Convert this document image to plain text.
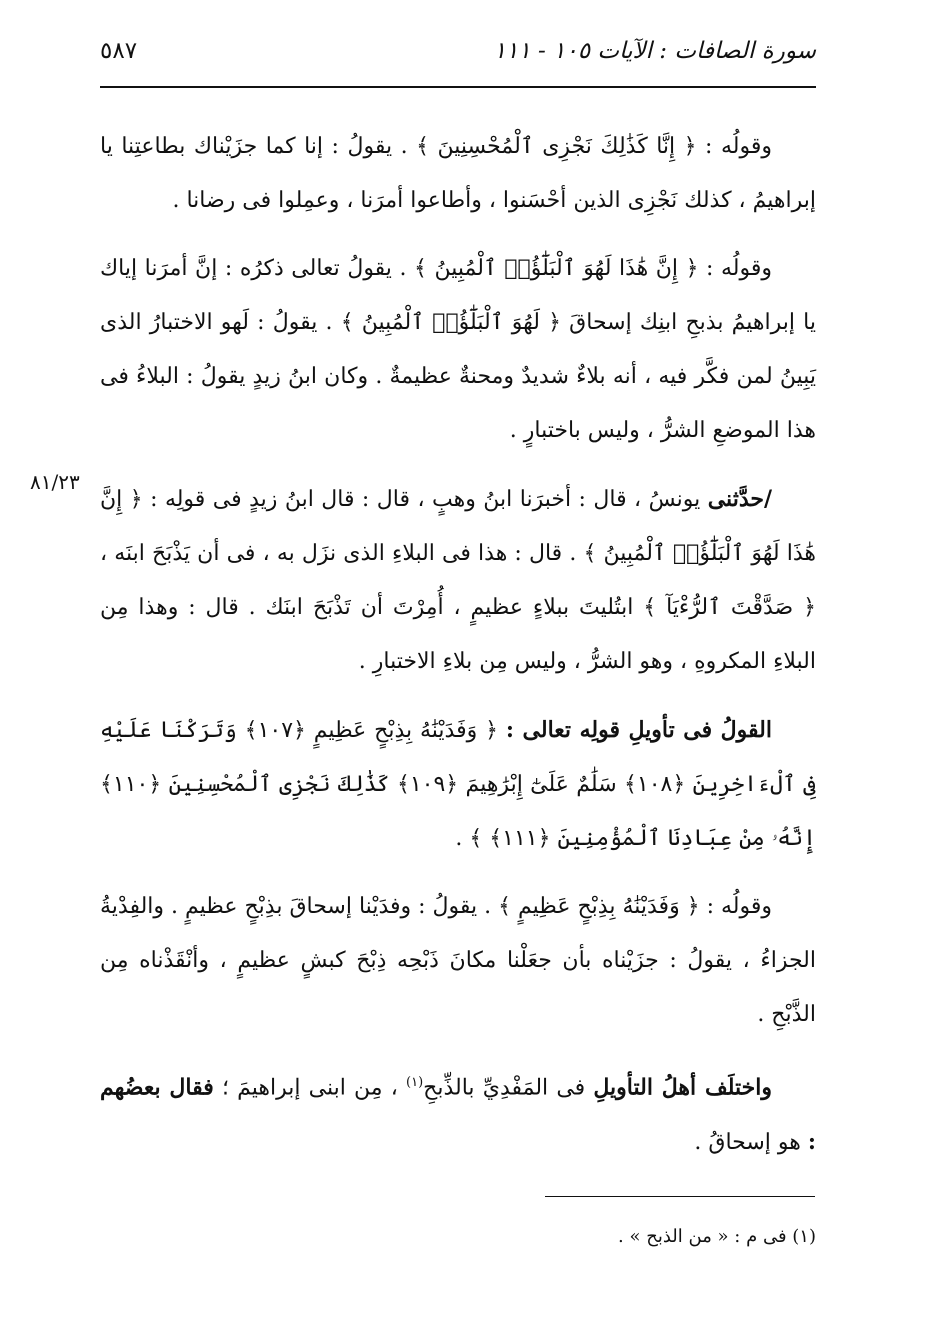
سورة الصافات : الآيات ١٠٥ - ١١١
٥٨٧
٨١/٢٣

وقولُه : ﴿ إِنَّا كَذَٰلِكَ نَجْزِى ٱلْمُحْسِنِينَ ﴾ . يقولُ : إنا كما جزَيْناك بطاعتِنا يا إبراهيمُ ، كذلك نَجْزِى الذين أحْسَنوا ، وأطاعوا أمرَنا ، وعمِلوا فى رضانا .

وقولُه : ﴿ إِنَّ هَٰذَا لَهُوَ ٱلْبَلَٰٓؤُا۟ ٱلْمُبِينُ ﴾ . يقولُ تعالى ذكرُه : إنَّ أمرَنا إياك يا إبراهيمُ بذبحِ ابنِك إسحاقَ ﴿ لَهُوَ ٱلْبَلَٰٓؤُا۟ ٱلْمُبِينُ ﴾ . يقولُ : لَهو الاختبارُ الذى يَبِينُ لمن فكَّر فيه ، أنه بلاءٌ شديدٌ ومحنةٌ عظيمةٌ . وكان ابنُ زيدٍ يقولُ : البلاءُ فى هذا الموضعِ الشرُّ ، وليس باختبارٍ .

/حدَّثنى يونسُ ، قال : أخبرَنا ابنُ وهبٍ ، قال : قال ابنُ زيدٍ فى قولِه : ﴿ إِنَّ هَٰذَا لَهُوَ ٱلْبَلَٰٓؤُا۟ ٱلْمُبِينُ ﴾ . قال : هذا فى البلاءِ الذى نزَل به ، فى أن يَذْبَحَ ابنَه ، ﴿ صَدَّقْتَ ٱلرُّءْيَآ ﴾ ابتُليتَ ببلاءٍ عظيمٍ ، أُمِرْتَ أن تَذْبَحَ ابنَك . قال : وهذا مِن البلاءِ المكروهِ ، وهو الشرُّ ، وليس مِن بلاءِ الاختبارِ .

القولُ فى تأويلِ قولِه تعالى : ﴿ وَفَدَيْنَٰهُ بِذِبْحٍ عَظِيمٍ ﴿١٠٧﴾ وَتَرَكْنَا عَلَيْهِ فِى ٱلْءَاخِرِينَ ﴿١٠٨﴾ سَلَٰمٌ عَلَىٰٓ إِبْرَٰهِيمَ ﴿١٠٩﴾ كَذَٰلِكَ نَجْزِى ٱلْمُحْسِنِينَ ﴿١١٠﴾ إِنَّهُۥ مِنْ عِبَادِنَا ٱلْمُؤْمِنِينَ ﴿١١١﴾ ﴾ .

وقولُه : ﴿ وَفَدَيْنَٰهُ بِذِبْحٍ عَظِيمٍ ﴾ . يقولُ : وفدَيْنا إسحاقَ بذِبْحٍ عظيمٍ . والفِدْيةُ الجزاءُ ، يقولُ : جزَيْناه بأن جعَلْنا مكانَ ذَبْحِه ذِبْحَ كبشٍ عظيمٍ ، وأنْقَذْناه مِن الذَّبْحِ .

واختلَف أهلُ التأويلِ فى المَفْدِيِّ بالذِّبحِ$^{(١)}$ ، مِن ابنى إبراهيمَ ؛ فقال بعضُهم : هو إسحاقُ .

(١) فى م : « من الذبح » .
